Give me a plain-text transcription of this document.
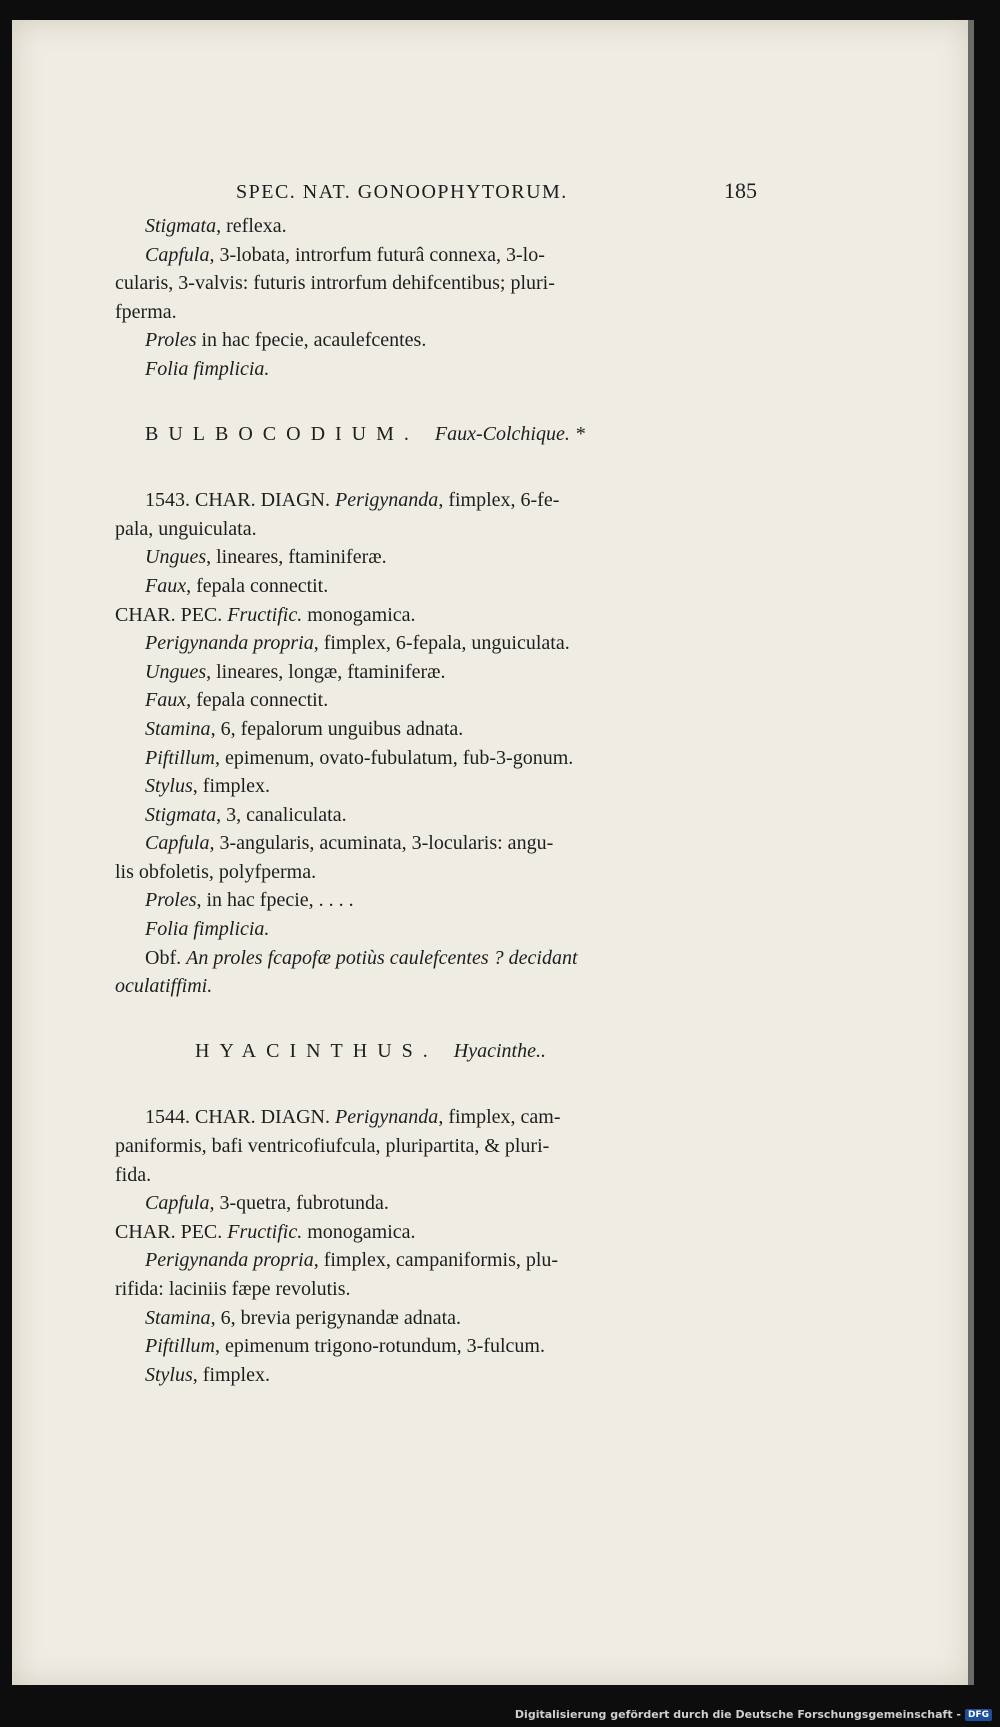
SPEC. NAT. GONOOPHYTORUM.	185
Stigmata, reflexa.
Capfula, 3-lobata, introrfum futurâ connexa, 3-lo-
cularis, 3-valvis: futuris introrfum dehifcentibus; pluri-
fperma.
Proles in hac fpecie, acaulefcentes.
Folia fimplicia.
BULBOCODIUM. Faux-Colchique. *
1543. CHAR. DIAGN. Perigynanda, fimplex, 6-fe-
pala, unguiculata.
Ungues, lineares, ftaminiferæ.
Faux, fepala connectit.
CHAR. PEC. Fructific. monogamica.
Perigynanda propria, fimplex, 6-fepala, unguiculata.
Ungues, lineares, longæ, ftaminiferæ.
Faux, fepala connectit.
Stamina, 6, fepalorum unguibus adnata.
Piftillum, epimenum, ovato-fubulatum, fub-3-gonum.
Stylus, fimplex.
Stigmata, 3, canaliculata.
Capfula, 3-angularis, acuminata, 3-locularis: angu-
lis obfoletis, polyfperma.
Proles, in hac fpecie, . . . .
Folia fimplicia.
Obf. An proles fcapofæ potiùs caulefcentes ? decidant
oculatiffimi.
HYACINTHUS. Hyacinthe..
1544. CHAR. DIAGN. Perigynanda, fimplex, cam-
paniformis, bafi ventricofiufcula, pluripartita, & pluri-
fida.
Capfula, 3-quetra, fubrotunda.
CHAR. PEC. Fructific. monogamica.
Perigynanda propria, fimplex, campaniformis, plu-
rifida: laciniis fæpe revolutis.
Stamina, 6, brevia perigynandæ adnata.
Piftillum, epimenum trigono-rotundum, 3-fulcum.
Stylus, fimplex.
Digitalisierung gefördert durch die Deutsche Forschungsgemeinschaft - DFG
